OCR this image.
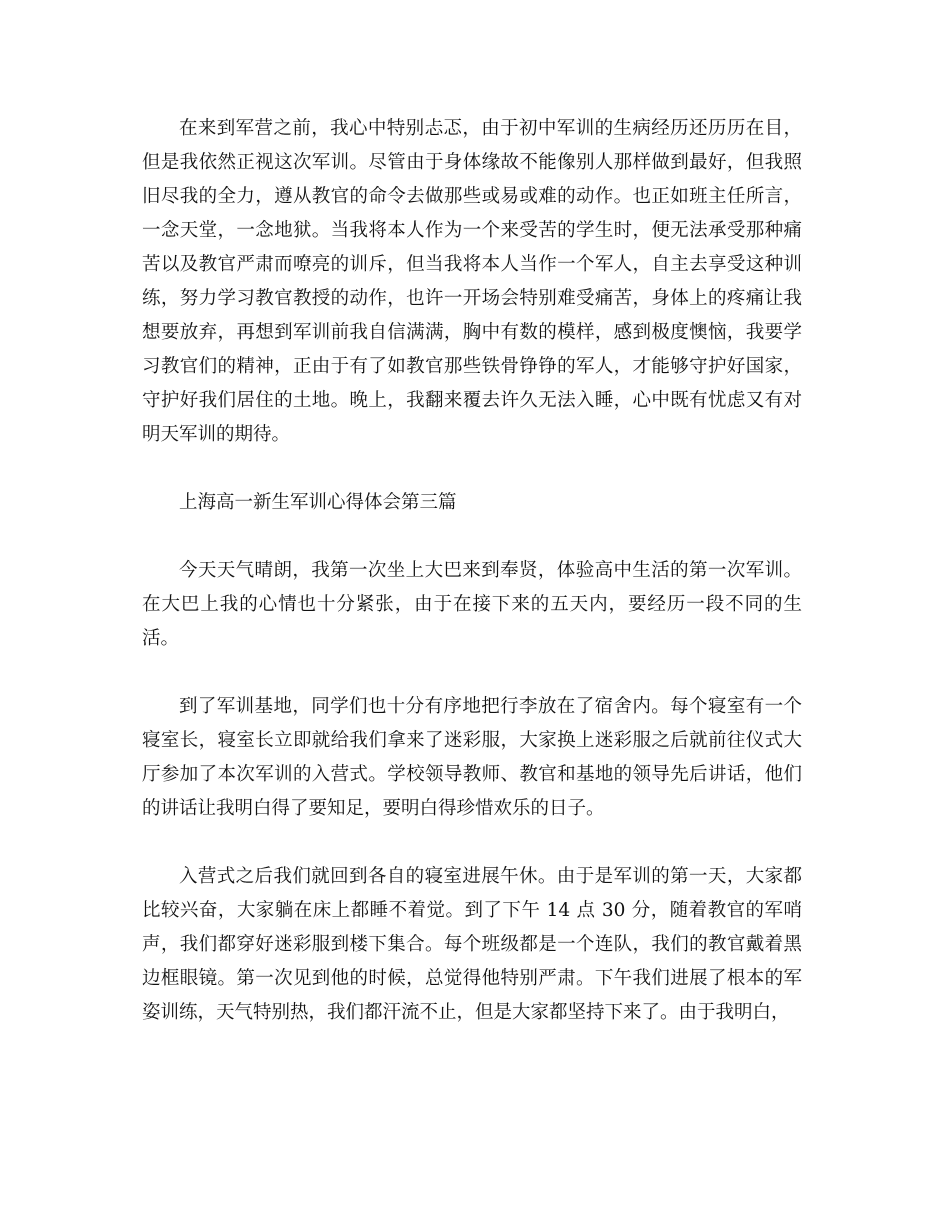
在来到军营之前，我心中特别忐忑，由于初中军训的生病经历还历历在目，但是我依然正视这次军训。尽管由于身体缘故不能像别人那样做到最好，但我照旧尽我的全力，遵从教官的命令去做那些或易或难的动作。也正如班主任所言，一念天堂，一念地狱。当我将本人作为一个来受苦的学生时，便无法承受那种痛苦以及教官严肃而嘹亮的训斥，但当我将本人当作一个军人，自主去享受这种训练，努力学习教官教授的动作，也许一开场会特别难受痛苦，身体上的疼痛让我想要放弃，再想到军训前我自信满满，胸中有数的模样，感到极度懊恼，我要学习教官们的精神，正由于有了如教官那些铁骨铮铮的军人，才能够守护好国家，守护好我们居住的土地。晚上，我翻来覆去许久无法入睡，心中既有忧虑又有对明天军训的期待。

上海高一新生军训心得体会第三篇

今天天气晴朗，我第一次坐上大巴来到奉贤，体验高中生活的第一次军训。在大巴上我的心情也十分紧张，由于在接下来的五天内，要经历一段不同的生活。

到了军训基地，同学们也十分有序地把行李放在了宿舍内。每个寝室有一个寝室长，寝室长立即就给我们拿来了迷彩服，大家换上迷彩服之后就前往仪式大厅参加了本次军训的入营式。学校领导教师、教官和基地的领导先后讲话，他们的讲话让我明白得了要知足，要明白得珍惜欢乐的日子。

入营式之后我们就回到各自的寝室进展午休。由于是军训的第一天，大家都比较兴奋，大家躺在床上都睡不着觉。到了下午 14 点 30 分，随着教官的军哨声，我们都穿好迷彩服到楼下集合。每个班级都是一个连队，我们的教官戴着黑边框眼镜。第一次见到他的时候，总觉得他特别严肃。下午我们进展了根本的军姿训练，天气特别热，我们都汗流不止，但是大家都坚持下来了。由于我明白，
